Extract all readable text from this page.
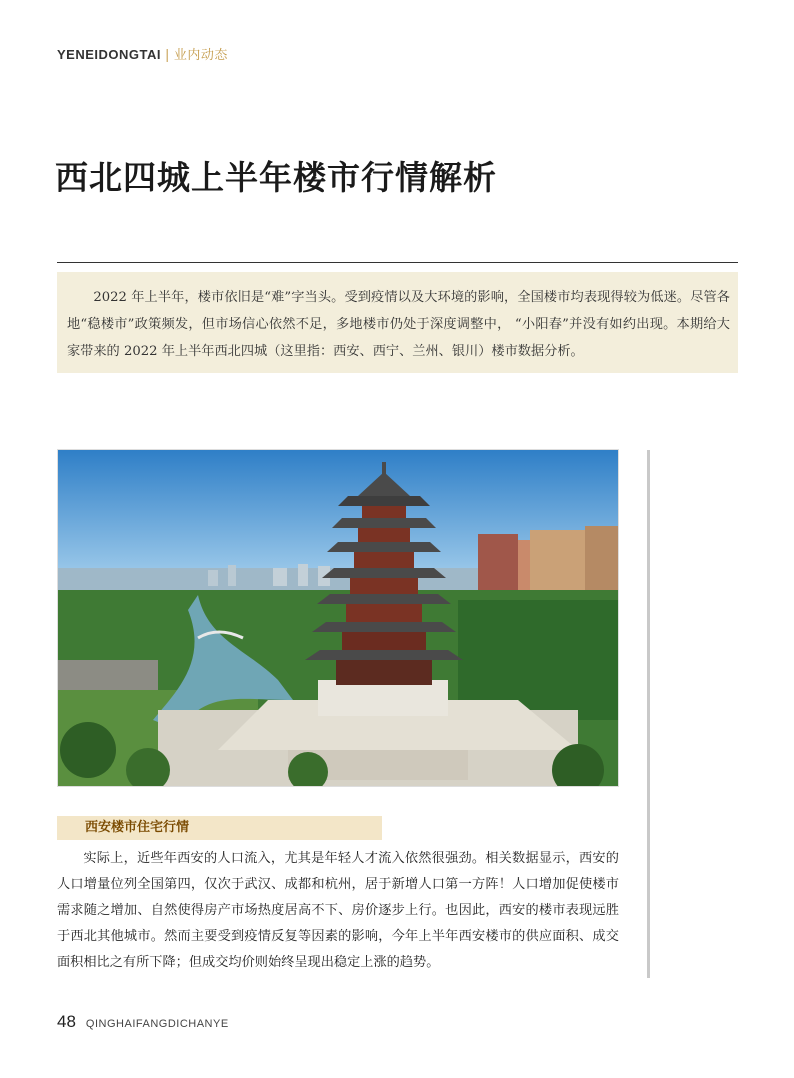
YENEIDONGTAI | 业内动态
西北四城上半年楼市行情解析

2022 年上半年，楼市依旧是“难”字当头。受到疫情以及大环境的影响，全国楼市均表现得较为低迷。尽管各地“稳楼市”政策频发，但市场信心依然不足，多地楼市仍处于深度调整中， “小阳春”并没有如约出现。本期给大家带来的 2022 年上半年西北四城（这里指：西安、西宁、兰州、银川）楼市数据分析。

西安楼市住宅行情

实际上，近些年西安的人口流入，尤其是年轻人才流入依然很强劲。相关数据显示，西安的人口增量位列全国第四，仅次于武汉、成都和杭州，居于新增人口第一方阵！人口增加促使楼市需求随之增加、自然使得房产市场热度居高不下、房价逐步上行。也因此，西安的楼市表现远胜于西北其他城市。然而主要受到疫情反复等因素的影响，今年上半年西安楼市的供应面积、成交面积相比之有所下降；但成交均价则始终呈现出稳定上涨的趋势。

48 QINGHAIFANGDICHANYE
